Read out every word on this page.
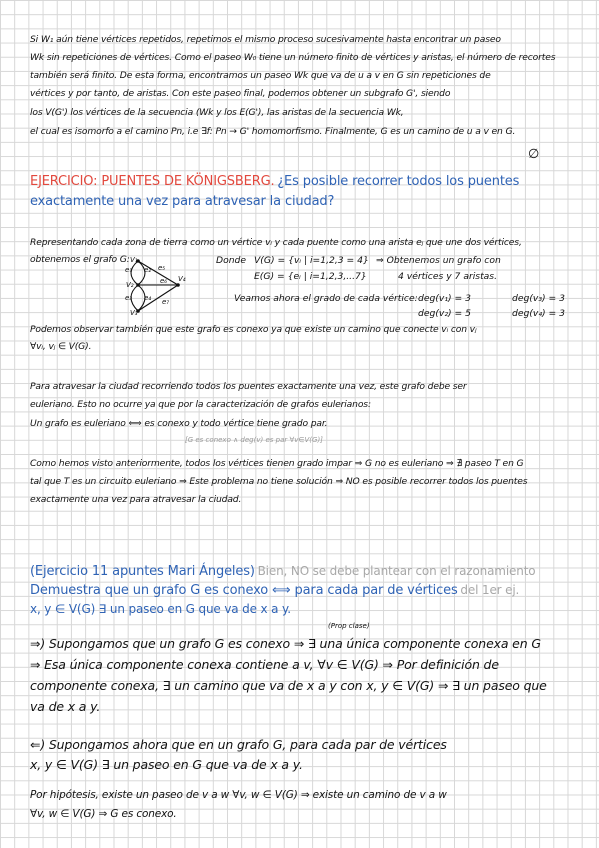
Si W₁ aún tiene vértices repetidos, repetimos el mismo proceso sucesivamente hasta encontrar un paseo
Wk sin repeticiones de vértices. Como el paseo W₀ tiene un número finito de vértices y aristas, el número de recortes
también será finito. De esta forma, encontramos un paseo Wk que va de u a v en G sin repeticiones de
vértices y por tanto, de aristas. Con este paseo final, podemos obtener un subgrafo G', siendo
los V(G') los vértices de la secuencia (Wk y los E(G'), las aristas de la secuencia Wk,
el cual es isomorfo a el camino Pn, i.e ∃f: Pn → G' homomorfismo. Finalmente, G es un camino de u a v en G.
∅
EJERCICIO: PUENTES DE KÖNIGSBERG. ¿Es posible recorrer todos los puentes
exactamente una vez para atravesar la ciudad?
Representando cada zona de tierra como un vértice vᵢ y cada puente como una arista eⱼ que une dos vértices,
obtenemos el grafo G: V₁
V₂
V₃
V₄
e₁ e₂
e₃ e₄
e₅
e₆
e₇
Donde V(G) = {vᵢ | i=1,2,3 = 4}
E(G) = {eᵢ | i=1,2,3,...7}
⇒ Obtenemos un grafo con
4 vértices y 7 aristas.
Veamos ahora el grado de cada vértice: deg(v₁) = 3
deg(v₂) = 5
deg(v₃) = 3
deg(v₄) = 3
Podemos observar también que este grafo es conexo ya que existe un camino que conecte vᵢ con vⱼ
∀vᵢ, vⱼ ∈ V(G).
Para atravesar la ciudad recorriendo todos los puentes exactamente una vez, este grafo debe ser
euleriano. Esto no ocurre ya que por la caracterización de grafos eulerianos:
Un grafo es euleriano ⟺ es conexo y todo vértice tiene grado par.
[G es conexo ∧ deg(v) es par ∀v∈V(G)]
Como hemos visto anteriormente, todos los vértices tienen grado impar ⇒ G no es euleriano ⇒ ∄ paseo T en G
tal que T es un circuito euleriano ⇒ Este problema no tiene solución ⇒ NO es posible recorrer todos los puentes
exactamente una vez para atravesar la ciudad.
(Ejercicio 11 apuntes Mari Ángeles) Bien, NO se debe plantear con el razonamiento
Demuestra que un grafo G es conexo ⟺ para cada par de vértices del 1er ej.
x, y ∈ V(G) ∃ un paseo en G que va de x a y.
(Prop clase)
⇒) Supongamos que un grafo G es conexo ⇒ ∃ una única componente conexa en G
⇒ Esa única componente conexa contiene a v, ∀v ∈ V(G) ⇒ Por definición de
componente conexa, ∃ un camino que va de x a y con x, y ∈ V(G) ⇒ ∃ un paseo que
va de x a y.
⇐) Supongamos ahora que en un grafo G, para cada par de vértices
x, y ∈ V(G) ∃ un paseo en G que va de x a y.
Por hipótesis, existe un paseo de v a w ∀v, w ∈ V(G) ⇒ existe un camino de v a w
∀v, w ∈ V(G) ⇒ G es conexo.
